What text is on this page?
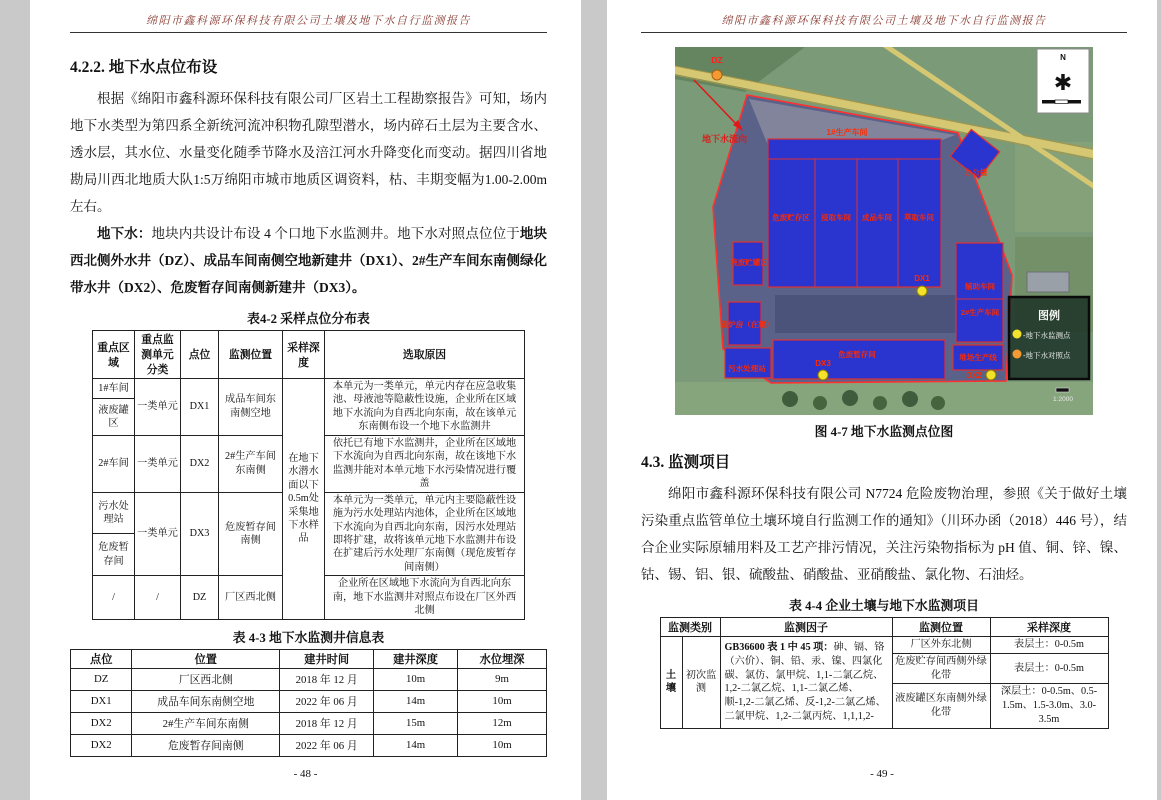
绵阳市鑫科源环保科技有限公司土壤及地下水自行监测报告
4.2.2. 地下水点位布设

根据《绵阳市鑫科源环保科技有限公司厂区岩土工程勘察报告》可知，场内地下水类型为第四系全新统河流冲积物孔隙型潜水，场内碎石土层为主要含水、透水层，其水位、水量变化随季节降水及涪江河水升降变化而变动。据四川省地勘局川西北地质大队1:5万绵阳市城市地质区调资料，枯、丰期变幅为1.00-2.00m左右。

地下水：地块内共设计布设 4 个口地下水监测井。地下水对照点位位于地块西北侧外水井（DZ）、成品车间南侧空地新建井（DX1）、2#生产车间东南侧绿化带水井（DX2）、危废暂存间南侧新建井（DX3）。

表4-2 采样点位分布表
重点区域	重点监测单元分类	点位	监测位置	采样深度	选取原因
1#车间	一类单元	DX1	成品车间东南侧空地	在地下水潜水面以下0.5m处采集地下水样品	本单元为一类单元，单元内存在应急收集池、母液池等隐蔽性设施，企业所在区域地下水流向为自西北向东南，故在该单元东南侧布设一个地下水监测井
液废罐区					
2#车间	一类单元	DX2	2#生产车间东南侧		依托已有地下水监测井，企业所在区域地下水流向为自西北向东南，故在该地下水监测井能对本单元地下水污染情况进行覆盖
污水处理站	一类单元	DX3	危废暂存间南侧		本单元为一类单元，单元内主要隐蔽性设施为污水处理站内池体，企业所在区域地下水流向为自西北向东南，因污水处理站即将扩建，故将该单元地下水监测井布设在扩建后污水处理厂东南侧（现危废暂存间南侧）
危废暂存间					
/	/	DZ	厂区西北侧		企业所在区域地下水流向为自西北向东南，地下水监测井对照点布设在厂区外西北侧
表 4-3 地下水监测井信息表
点位	位置	建井时间	建井深度	水位埋深
DZ	厂区西北侧	2018 年 12 月	10m	9m
DX1	成品车间东南侧空地	2022 年 06 月	14m	10m
DX2	2#生产车间东南侧	2018 年 12 月	15m	12m
DX2	危废暂存间南侧	2022 年 06 月	14m	10m
- 48 -
绵阳市鑫科源环保科技有限公司土壤及地下水自行监测报告
DZ
地下水流向
1#生产车间
危废贮存区 浸取车间 成品车间 萃取车间
办公楼
液废贮罐区
锅炉房（在建）
污水处理站
危废暂存间
辅助车间
2#生产车间
堆场生产线
DX1
DX3
DX2
N
✱
图例
-地下水监测点
-地下水对照点
1:2000
图 4-7 地下水监测点位图
4.3. 监测项目

绵阳市鑫科源环保科技有限公司 N7724 危险废物治理，参照《关于做好土壤污染重点监管单位土壤环境自行监测工作的通知》（川环办函（2018）446 号），结合企业实际原辅用料及工艺产排污情况，关注污染物指标为 pH 值、铜、锌、镍、钴、锡、铝、银、硫酸盐、硝酸盐、亚硝酸盐、氯化物、石油烃。

表 4-4 企业土壤与地下水监测项目
监测类别		监测因子	监测位置	采样深度
土壤	初次监测	GB36600 表 1 中 45 项：砷、镉、铬（六价）、铜、铅、汞、镍、四氯化碳、氯仿、氯甲烷、1,1-二氯乙烷、1,2-二氯乙烷、1,1-二氯乙烯、顺-1,2-二氯乙烯、反-1,2-二氯乙烯、二氯甲烷、1,2-二氯丙烷、1,1,1,2-	厂区外东北侧	表层土：0-0.5m
			危废贮存间西侧外绿化带	表层土：0-0.5m
			液废罐区东南侧外绿化带	深层土：0-0.5m、0.5-1.5m、1.5-3.0m、3.0-3.5m
- 49 -
